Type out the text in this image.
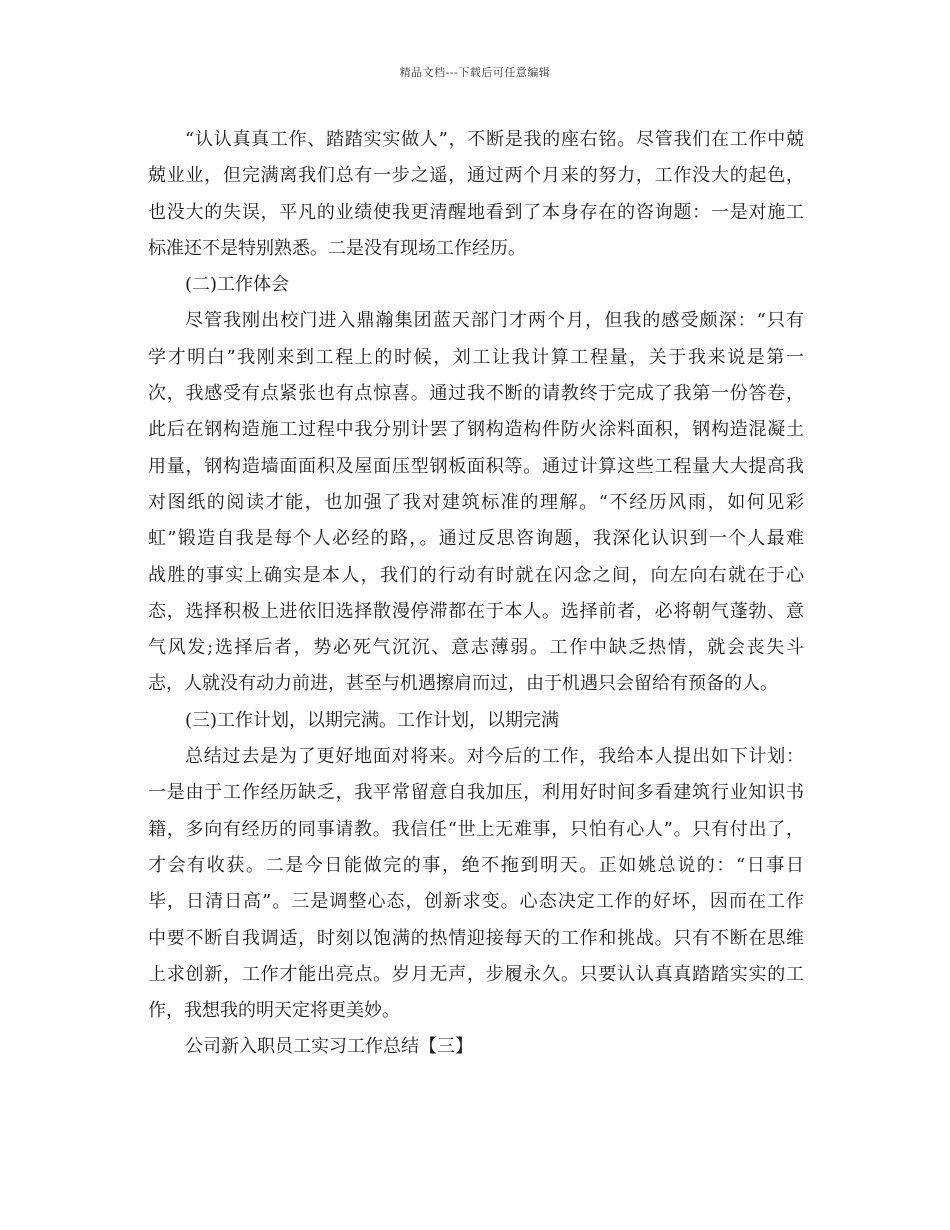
精品文档---下载后可任意编辑
“认认真真工作、踏踏实实做人”，不断是我的座右铭。尽管我们在工作中兢
兢业业，但完满离我们总有一步之遥，通过两个月来的努力，工作没大的起色，
也没大的失误，平凡的业绩使我更清醒地看到了本身存在的咨询题：一是对施工
标准还不是特别熟悉。二是没有现场工作经历。
(二)工作体会
尽管我刚出校门进入鼎瀚集团蓝天部门才两个月，但我的感受颇深：“只有
学才明白”我刚来到工程上的时候，刘工让我计算工程量，关于我来说是第一
次，我感受有点紧张也有点惊喜。通过我不断的请教终于完成了我第一份答卷，
此后在钢构造施工过程中我分别计罢了钢构造构件防火涂料面积，钢构造混凝土
用量，钢构造墙面面积及屋面压型钢板面积等。通过计算这些工程量大大提高我
对图纸的阅读才能，也加强了我对建筑标准的理解。“不经历风雨，如何见彩
虹”锻造自我是每个人必经的路，。通过反思咨询题，我深化认识到一个人最难
战胜的事实上确实是本人，我们的行动有时就在闪念之间，向左向右就在于心
态，选择积极上进依旧选择散漫停滞都在于本人。选择前者，必将朝气蓬勃、意
气风发;选择后者，势必死气沉沉、意志薄弱。工作中缺乏热情，就会丧失斗
志，人就没有动力前进，甚至与机遇擦肩而过，由于机遇只会留给有预备的人。
(三)工作计划，以期完满。工作计划，以期完满
总结过去是为了更好地面对将来。对今后的工作，我给本人提出如下计划：
一是由于工作经历缺乏，我平常留意自我加压，利用好时间多看建筑行业知识书
籍，多向有经历的同事请教。我信任“世上无难事，只怕有心人”。只有付出了，
才会有收获。二是今日能做完的事，绝不拖到明天。正如姚总说的：“日事日
毕，日清日高”。三是调整心态，创新求变。心态决定工作的好坏，因而在工作
中要不断自我调适，时刻以饱满的热情迎接每天的工作和挑战。只有不断在思维
上求创新，工作才能出亮点。岁月无声，步履永久。只要认认真真踏踏实实的工
作，我想我的明天定将更美妙。
公司新入职员工实习工作总结【三】
